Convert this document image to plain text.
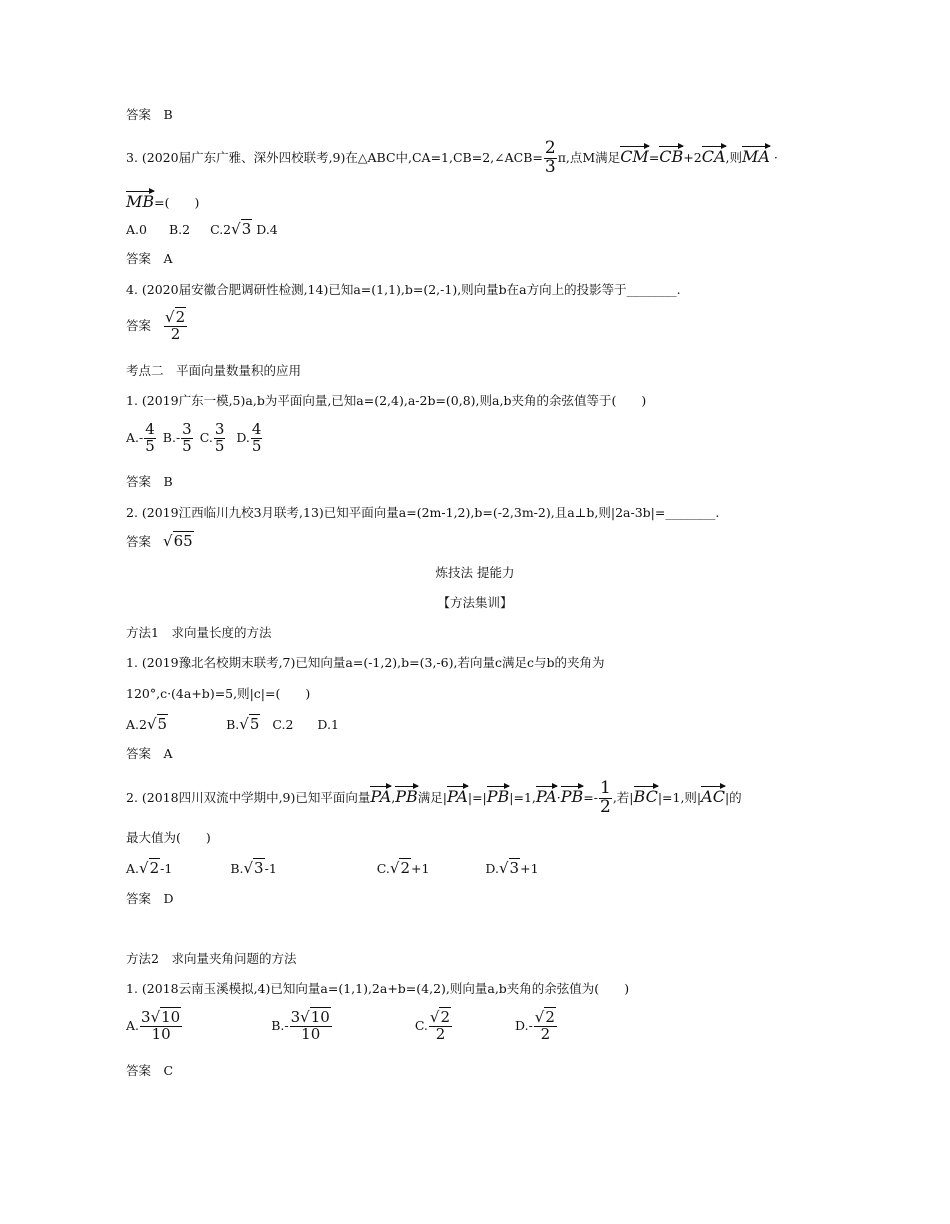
答案　B
3. (2020届广东广雅、深外四校联考,9)在△ABC中,CA=1,CB=2,∠ACB= $\frac{2}{3} \pi$,点M满足CM=CB+2CA,则MA ·
MB=(　　)
A.0 B.2 C.2√3 D.4
答案　A
4. (2020届安徽合肥调研性检测,14)已知a=(1,1),b=(2,-1),则向量b在a方向上的投影等于________.
答案 $\frac{√2}{2}$
考点二　平面向量数量积的应用
1. (2019广东一模,5)a,b为平面向量,已知a=(2,4),a-2b=(0,8),则a,b夹角的余弦值等于(　　)
$A.- \frac{4}{5} B.- \frac{3}{5} C$. $\frac{3}{5} D$. $\frac{4}{5}$
答案　B
2. (2019江西临川九校3月联考,13)已知平面向量a=(2m-1,2),b=(-2,3m-2),且a⊥b,则|2a-3b|=________.
答案 √65
炼技法 提能力
【方法集训】
方法1　求向量长度的方法
1. (2019豫北名校期末联考,7)已知向量a=(-1,2),b=(3,-6),若向量c满足c与b的夹角为
120°,c·(4a+b)=5,则|c|=(　　)
A.2√5	B.√5 C.2 D.1
答案　A
2. (2018四川双流中学期中,9)已知平面向量PA,PB满足$|PA|=|PB|=1,PA\cdot PB=- \frac{1}{2}$ ,若|BC|=1,则|AC|的
最大值为(　　)
A.√2-1	B.√3-1	C.√2+1	D.√3+1
答案　D
方法2　求向量夹角问题的方法
1. (2018云南玉溪模拟,4)已知向量a=(1,1),2a+b=(4,2),则向量a,b夹角的余弦值为(　　)
A. $\frac{3√10}{10}$	$B.- \frac{3√10}{10}$	C. $\frac{√2}{2}$	$D.- \frac{√2}{2}$
答案　C
